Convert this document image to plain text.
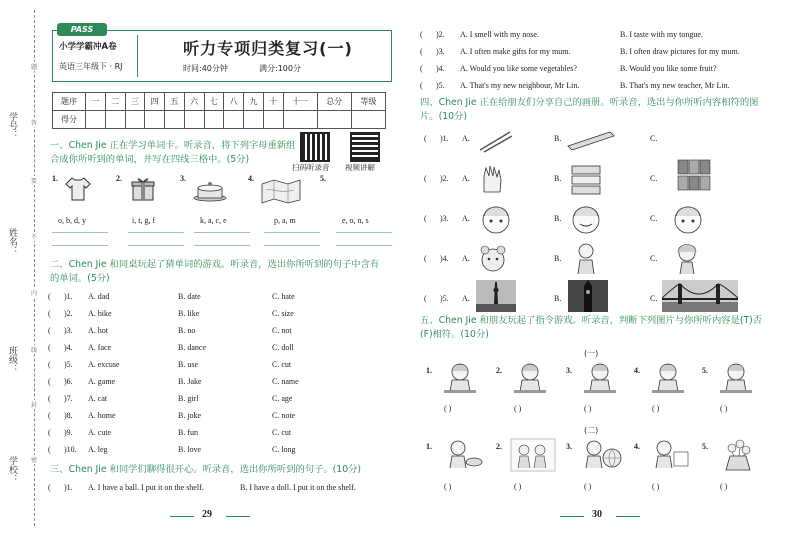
学号：
姓名：
班级：
学校：
题
答
要
不
内
线
封
密
PASS
小学学霸冲A卷
英语三年级下 · RJ
听力专项归类复习(一)
时间:40分钟	满分:100分
题序	一	二	三	四	五	六	七	八	九	十	十一	总分	等级
得分													
一、Chen Jie 正在学习单词卡。听录音，将下列字母重新组合成你所听到的单词，并写在四线三格中。(5分)
扫码听录音 视频讲解
1.
o, b, d, y
2.
i, t, g, f
3.
k, a, c, e
4.
p, a, m
5.
e, o, n, s
二、Chen Jie 和同桌玩起了猜单词的游戏。听录音，选出你所听到的句子中含有的单词。(5分)
( )1. A. dad	B. date	C. hate
( )2. A. bike	B. like	C. size
( )3. A. hot	B. no	C. not
( )4. A. face	B. dance	C. doll
( )5. A. excuse	B. use	C. cut
( )6. A. game	B. Jake	C. name
( )7. A. cat	B. girl	C. age
( )8. A. home	B. joke	C. note
( )9. A. cute	B. fun	C. cut
( )10. A. leg	B. love	C. long
三、Chen Jie 和同学们聊得很开心。听录音，选出你所听到的句子。(10分)
( )1. A. I have a ball. I put it on the shelf.	B. I have a doll. I put it on the shelf.
29
( )2. A. I smell with my nose.	B. I taste with my tongue.
( )3. A. I often make gifts for my mum.	B. I often draw pictures for my mum.
( )4. A. Would you like some vegetables?	B. Would you like some fruit?
( )5. A. That's my new neighbour, Mr Lin.	B. That's my new teacher, Mr Lin.
四、Chen Jie 正在给朋友们分享自己的画册。听录音，选出与你所听内容相符的图片。(10分)
( )1. A.	B.	C.
( )2. A.	B.	C.
( )3. A.	B.	C.
( )4. A.	B.	C.
( )5. A.	B.	C.
五、Chen Jie 和朋友玩起了指令游戏。听录音，判断下列图片与你所听内容是(T)否(F)相符。(10分)
(一)
1.
( )
2.
( )
3.
( )
4.
( )
5.
( )
(二)
1.
( )
2.
( )
3.
( )
4.
( )
5.
( )
30
